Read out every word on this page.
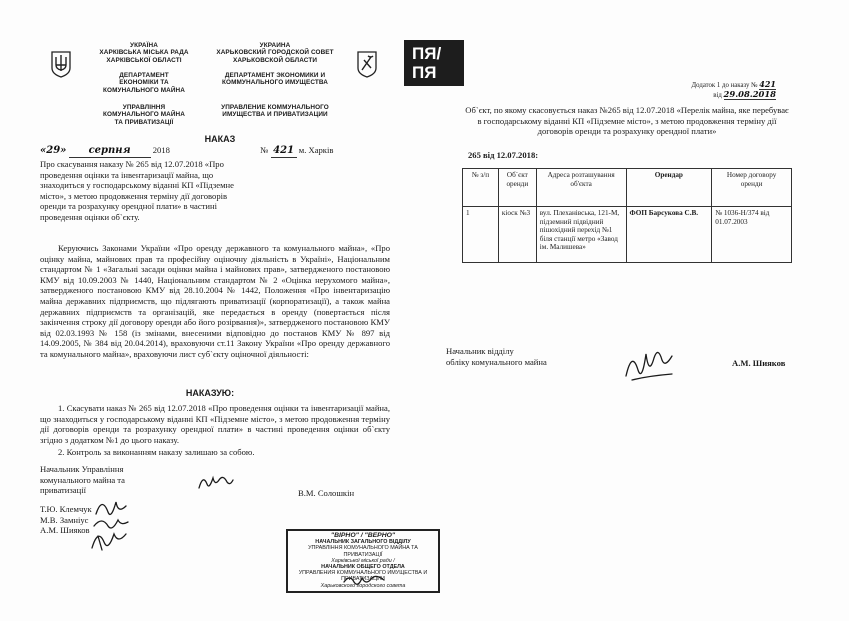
УКРАЇНА
ХАРКІВСЬКА МІСЬКА РАДА
ХАРКІВСЬКОЇ ОБЛАСТІ
ДЕПАРТАМЕНТ
ЕКОНОМІКИ ТА
КОМУНАЛЬНОГО МАЙНА
УПРАВЛІННЯ
КОМУНАЛЬНОГО МАЙНА
ТА ПРИВАТИЗАЦІЇ
УКРАИНА
ХАРЬКОВСКИЙ ГОРОДСКОЙ СОВЕТ
ХАРЬКОВСКОЙ ОБЛАСТИ
ДЕПАРТАМЕНТ ЭКОНОМИКИ И
КОММУНАЛЬНОГО ИМУЩЕСТВА
УПРАВЛЕНИЕ КОММУНАЛЬНОГО
ИМУЩЕСТВА И ПРИВАТИЗАЦИИ
ПЯ/
ПЯ
НАКАЗ
«29» серпня	2018	№ 421 м. Харків
Про скасування наказу № 265 від 12.07.2018 «Про проведення оцінки та інвентаризації майна, що знаходиться у господарському віданні КП «Підземне місто», з метою продовження терміну дії договорів оренди та розрахунку орендної плати» в частині проведення оцінки об`єкту.
Керуючись Законами України «Про оренду державного та комунального майна», «Про оцінку майна, майнових прав та професійну оціночну діяльність в Україні», Національним стандартом № 1 «Загальні засади оцінки майна і майнових прав», затвердженого постановою КМУ від 10.09.2003 № 1440, Національним стандартом № 2 «Оцінка нерухомого майна», затвердженого постановою КМУ від 28.10.2004 № 1442, Положення «Про інвентаризацію майна державних підприємств, що підлягають приватизації (корпоратизації), а також майна державних підприємств та організацій, яке передається в оренду (повертається після закінчення строку дії договору оренди або його розірвання)», затвердженого постановою КМУ від 02.03.1993 № 158 (із змінами, внесеними відповідно до постанов КМУ № 897 від 14.09.2005, № 384 від 20.04.2014), враховуючи ст.11 Закону України «Про оренду державного та комунального майна», враховуючи лист суб`єкту оціночної діяльності:
НАКАЗУЮ:
1. Скасувати наказ № 265 від 12.07.2018 «Про проведення оцінки та інвентаризації майна, що знаходиться у господарському віданні КП «Підземне місто», з метою продовження терміну дії договорів оренди та розрахунку орендної плати» в частині проведення оцінки об`єкту згідно з додатком №1 до цього наказу.
2. Контроль за виконанням наказу залишаю за собою.
Начальник Управління
комунального майна та
приватизації	В.М. Солошкін
Т.Ю. Клемчук
М.В. Замніус
А.М. Шияков
"ВІРНО" / "ВЕРНО"
НАЧАЛЬНИК ЗАГАЛЬНОГО ВІДДІЛУ
УПРАВЛІННЯ КОМУНАЛЬНОГО МАЙНА ТА ПРИВАТИЗАЦІЇ
Харківської міської ради /
НАЧАЛЬНИК ОБЩЕГО ОТДЕЛА
УПРАВЛЕНИЯ КОММУНАЛЬНОГО ИМУЩЕСТВА И ПРИВАТИЗАЦИИ
Харьковского городского совета
Додаток 1 до наказу № 421
від 29.08.2018
Об`єкт, по якому скасовується наказ №265 від 12.07.2018 «Перелік майна, яке перебуває в господарському віданні КП «Підземне місто», з метою продовження терміну дії договорів оренди та розрахунку орендної плати»
265 від 12.07.2018:
№ з/п	Об`єкт оренди	Адреса розташування об'єкта	Орендар	Номер договору оренди
1	кіоск №3	вул. Плеханівська, 121-М, підземний підвідний пішохідний перехід №1 біля станції метро «Завод ім. Малишева»	ФОП Барсукова С.В.	№ 1036-Н/374 від 01.07.2003
Начальник відділу
обліку комунального майна	А.М. Шияков
